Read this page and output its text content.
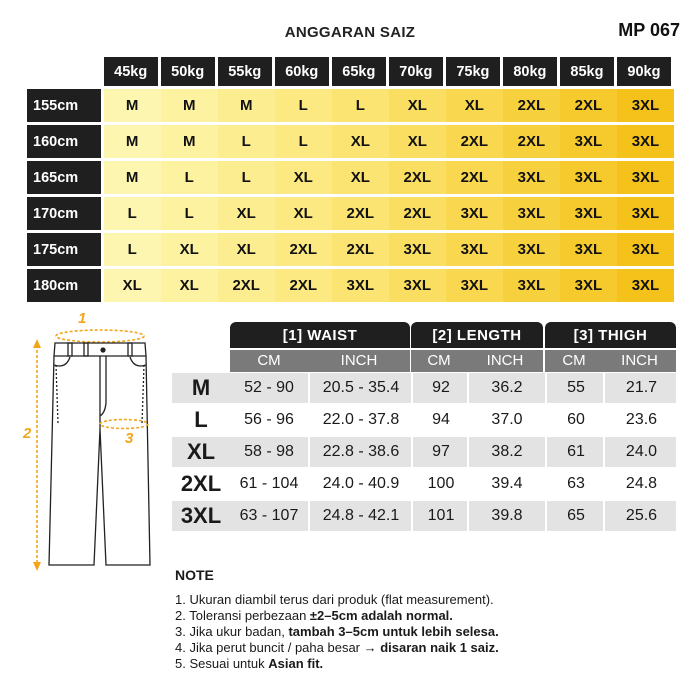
ANGGARAN SAIZ	MP 067
	45kg	50kg	55kg	60kg	65kg	70kg	75kg	80kg	85kg	90kg
155cm	M	M	M	L	L	XL	XL	2XL	2XL	3XL
160cm	M	M	L	L	XL	XL	2XL	2XL	3XL	3XL
165cm	M	L	L	XL	XL	2XL	2XL	3XL	3XL	3XL
170cm	L	L	XL	XL	2XL	2XL	3XL	3XL	3XL	3XL
175cm	L	XL	XL	2XL	2XL	3XL	3XL	3XL	3XL	3XL
180cm	XL	XL	2XL	2XL	3XL	3XL	3XL	3XL	3XL	3XL
1
2	3
[1] WAIST	[2] LENGTH	[3] THIGH
CM	INCH	CM	INCH	CM	INCH
M	52 - 90	20.5 - 35.4	92	36.2	55	21.7
L	56 - 96	22.0 - 37.8	94	37.0	60	23.6
XL	58 - 98	22.8 - 38.6	97	38.2	61	24.0
2XL	61 - 104	24.0 - 40.9	100	39.4	63	24.8
3XL	63 - 107	24.8 - 42.1	101	39.8	65	25.6
NOTE
1. Ukuran diambil terus dari produk (flat measurement).
2. Toleransi perbezaan ±2–5cm adalah normal.
3. Jika ukur badan, tambah 3–5cm untuk lebih selesa.
4. Jika perut buncit / paha besar → disaran naik 1 saiz.
5. Sesuai untuk Asian fit.
